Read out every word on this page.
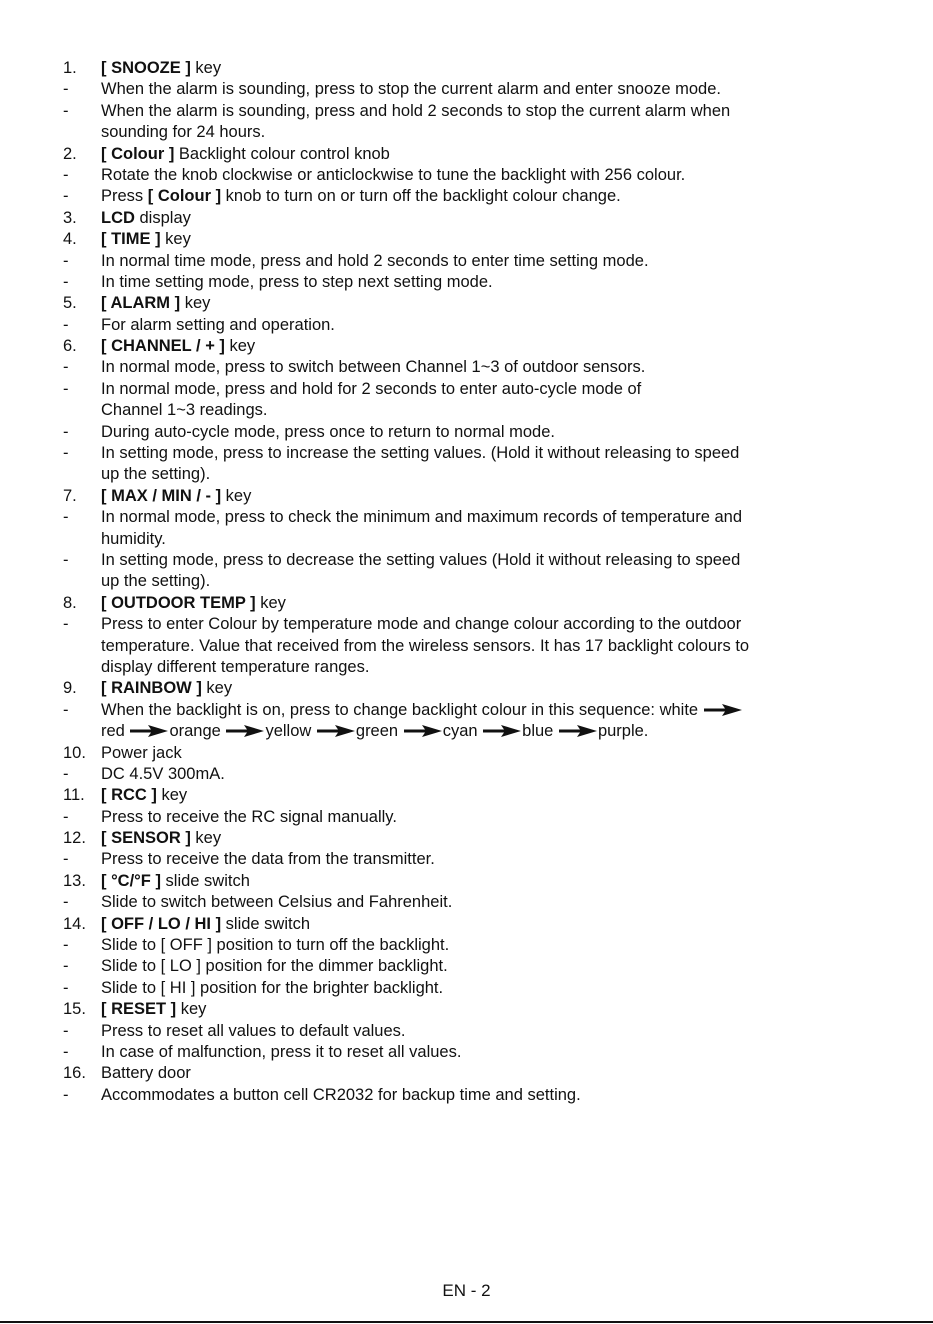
1. [ SNOOZE ] key
- When the alarm is sounding, press to stop the current alarm and enter snooze mode.
- When the alarm is sounding, press and hold 2 seconds to stop the current alarm when
sounding for 24 hours.
2. [ Colour ] Backlight colour control knob
- Rotate the knob clockwise or anticlockwise to tune the backlight with 256 colour.
- Press [ Colour ] knob to turn on or turn off the backlight colour change.
3. LCD display
4. [ TIME ] key
- In normal time mode, press and hold 2 seconds to enter time setting mode.
- In time setting mode, press to step next setting mode.
5. [ ALARM ] key
- For alarm setting and operation.
6. [ CHANNEL / + ] key
- In normal mode, press to switch between Channel 1~3 of outdoor sensors.
- In normal mode, press and hold for 2 seconds to enter auto-cycle mode of
Channel 1~3 readings.
- During auto-cycle mode, press once to return to normal mode.
- In setting mode, press to increase the setting values. (Hold it without releasing to speed
up the setting).
7. [ MAX / MIN / - ] key
- In normal mode, press to check the minimum and maximum records of temperature and
humidity.
- In setting mode, press to decrease the setting values (Hold it without releasing to speed
up the setting).
8. [ OUTDOOR TEMP ] key
- Press to enter Colour by temperature mode and change colour according to the outdoor
temperature. Value that received from the wireless sensors. It has 17 backlight colours to
display different temperature ranges.
9. [ RAINBOW ] key
- When the backlight is on, press to change backlight colour in this sequence: white
red	orange	yellow	green	cyan	blue	purple.
10. Power jack
- DC 4.5V 300mA.
11. [ RCC ] key
- Press to receive the RC signal manually.
12. [ SENSOR ] key
- Press to receive the data from the transmitter.
13. [ °C/°F ] slide switch
- Slide to switch between Celsius and Fahrenheit.
14. [ OFF / LO / HI ] slide switch
- Slide to [ OFF ] position to turn off the backlight.
- Slide to [ LO ] position for the dimmer backlight.
- Slide to [ HI ] position for the brighter backlight.
15. [ RESET ] key
- Press to reset all values to default values.
- In case of malfunction, press it to reset all values.
16. Battery door
- Accommodates a button cell CR2032 for backup time and setting.
EN - 2
